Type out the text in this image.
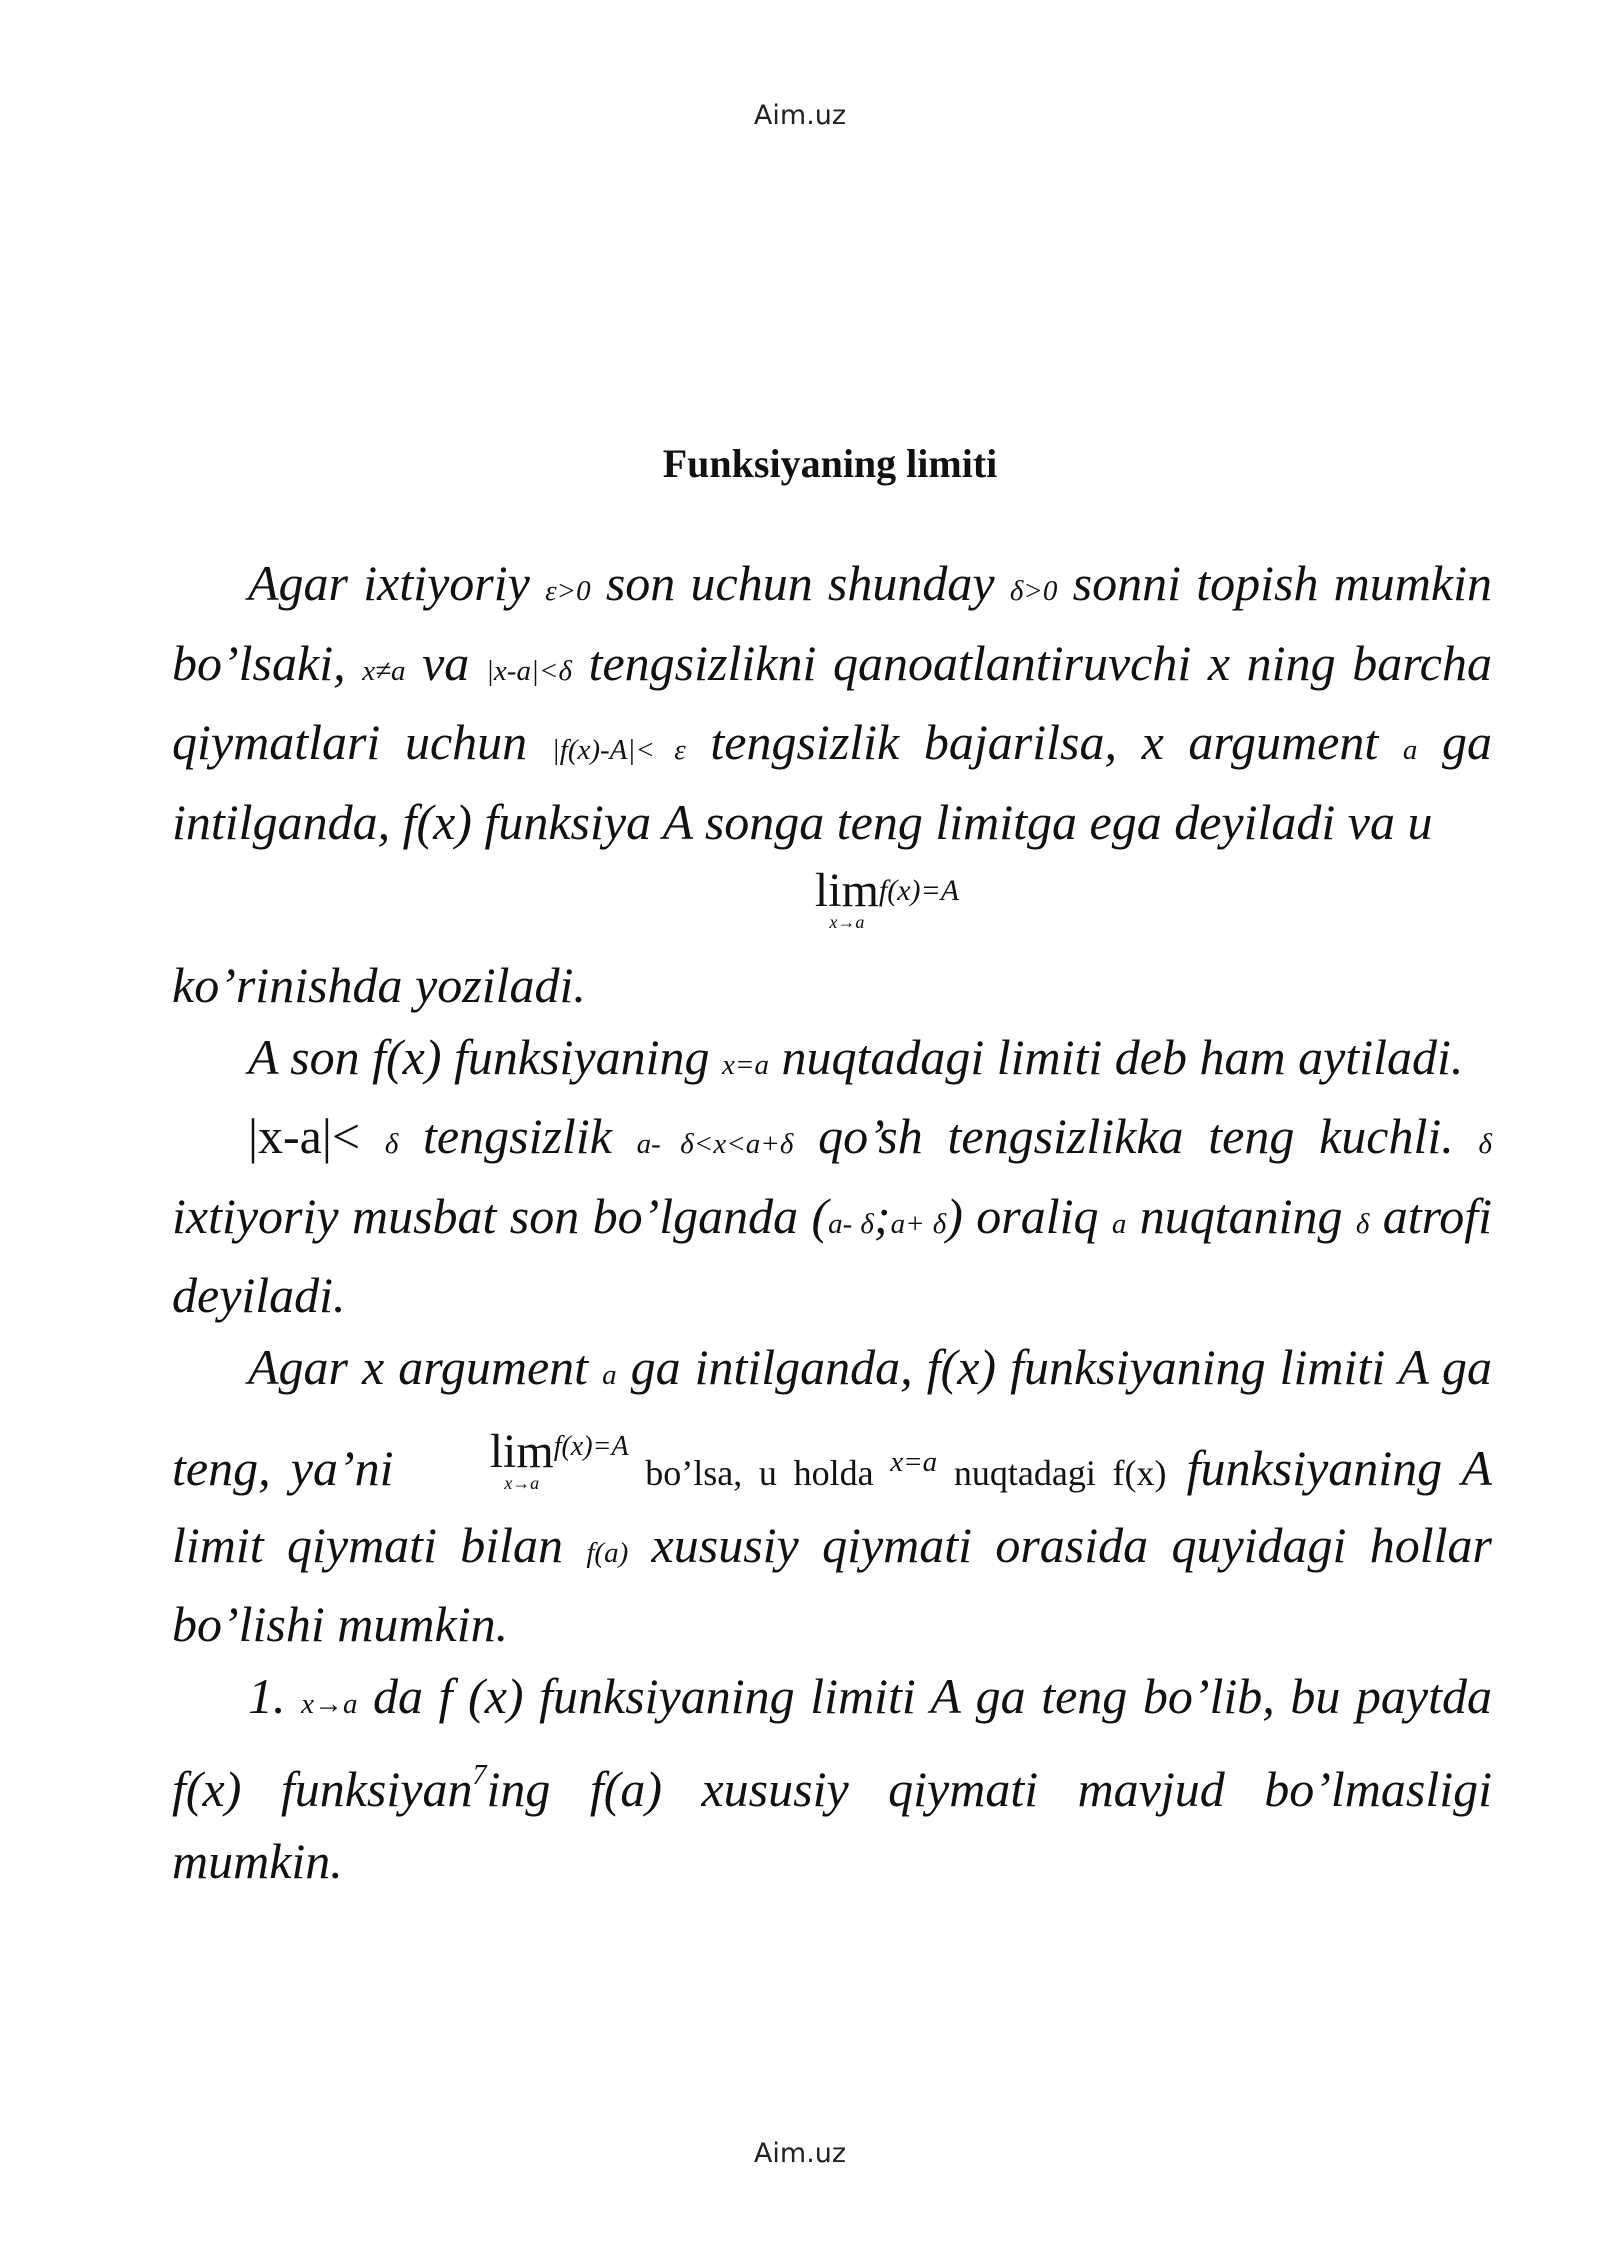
Aim.uz
Funksiyaning limiti

Agar ixtiyoriy ε>0 son uchun shunday δ>0 sonni topish mumkin bo’lsaki, x≠a va |x-a|<δ tengsizlikni qanoatlantiruvchi x ning barcha qiymatlari uchun |f(x)-A|< ε tengsizlik bajarilsa, x argument a ga intilganda, f(x) funksiya A songa teng limitga ega deyiladi va u

lim
x→a
f(x)=A

ko’rinishda yoziladi.

A son f(x) funksiyaning x=a nuqtadagi limiti deb ham aytiladi.

|x-a|< δ tengsizlik a- δ<x<a+δ qo’sh tengsizlikka teng kuchli. δ ixtiyoriy musbat son bo’lganda (a- δ;a+ δ) oraliq a nuqtaning δ atrofi deyiladi.

Agar x argument a ga intilganda, f(x) funksiyaning limiti A ga teng, ya’ni	lim
x→a
$^{f(x)=A}$ bo’lsa, u holda $^{x=a}$ nuqtadagi f(x) funksiyaning A limit qiymati bilan f(a) xususiy qiymati orasida quyidagi hollar bo’lishi mumkin.

1. x→a da f (x) funksiyaning limiti A ga teng bo’lib, bu paytda f(x) funksiyan$^7$ing f(a) xususiy qiymati mavjud bo’lmasligi mumkin.

Aim.uz
